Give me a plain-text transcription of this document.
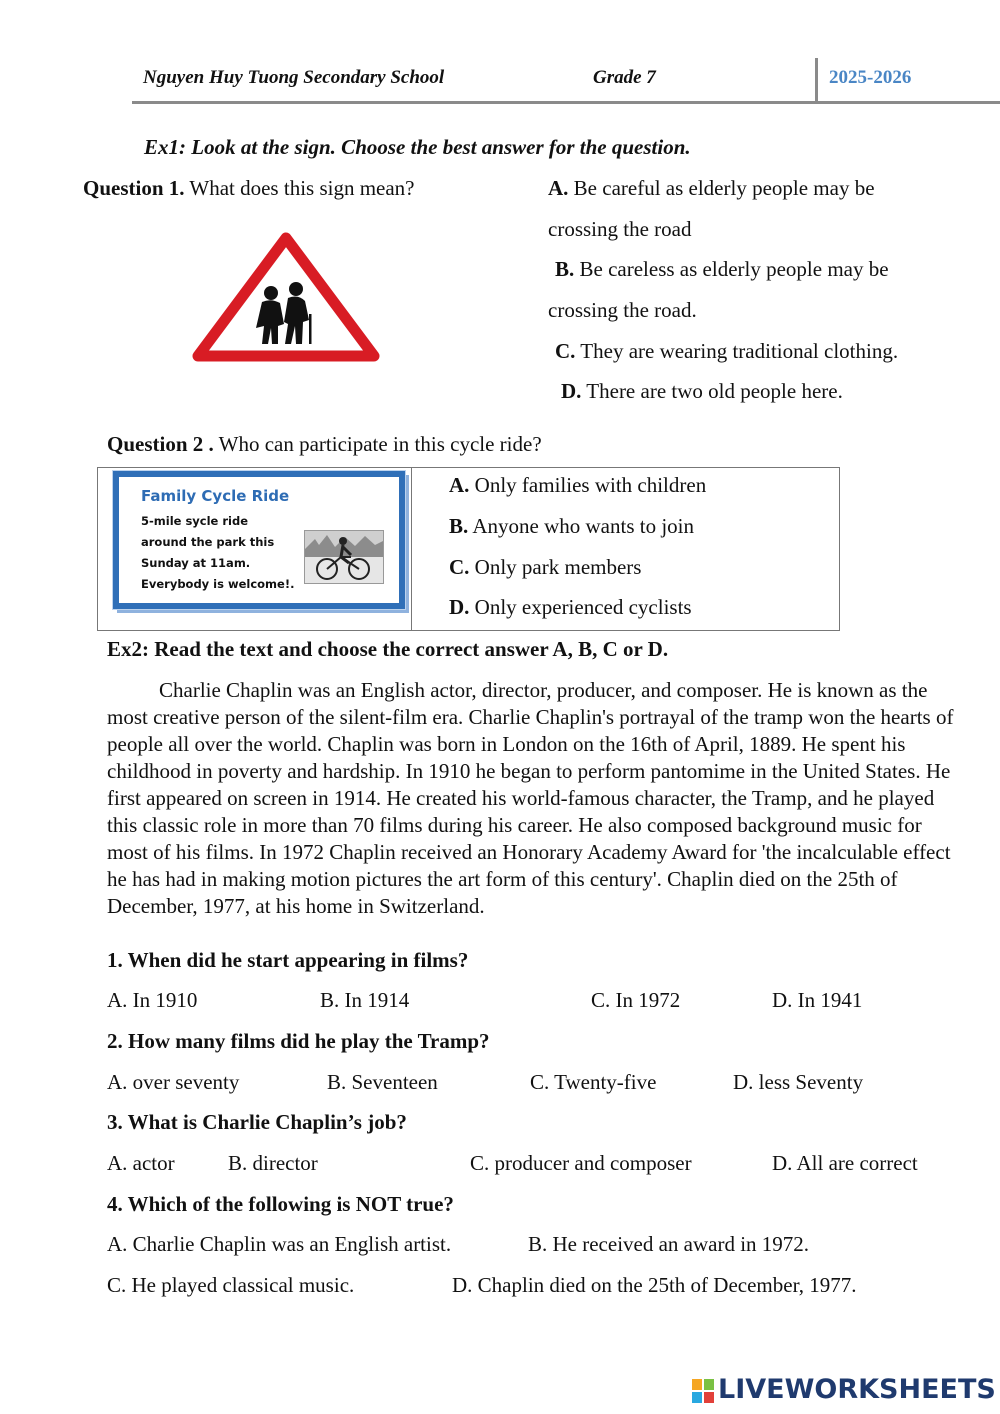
Nguyen Huy Tuong Secondary School	Grade 7	2025-2026
Ex1: Look at the sign. Choose the best answer for the question.
Question 1. What does this sign mean?	A. Be careful as elderly people may be
crossing the road
B. Be careless as elderly people may be
crossing the road.
C. They are wearing traditional clothing.
D. There are two old people here.
Question 2 . Who can participate in this cycle ride?
Family Cycle Ride
5-mile sycle ride
around the park this
Sunday at 11am.
Everybody is welcome!.
A. Only families with children
B. Anyone who wants to join
C. Only park members
D. Only experienced cyclists
Ex2: Read the text and choose the correct answer A, B, C or D.
Charlie Chaplin was an English actor, director, producer, and composer. He is known as the most creative person of the silent-film era. Charlie Chaplin's portrayal of the tramp won the hearts of people all over the world. Chaplin was born in London on the 16th of April, 1889. He spent his childhood in poverty and hardship. In 1910 he began to perform pantomime in the United States. He first appeared on screen in 1914. He created his world-famous character, the Tramp, and he played this classic role in more than 70 films during his career. He also composed background music for most of his films. In 1972 Chaplin received an Honorary Academy Award for 'the incalculable effect he has had in making motion pictures the art form of this century'. Chaplin died on the 25th of December, 1977, at his home in Switzerland.
1. When did he start appearing in films?
A. In 1910	B. In 1914	C. In 1972	D. In 1941
2. How many films did he play the Tramp?
A. over seventy	B. Seventeen	C. Twenty-five	D. less Seventy
3. What is Charlie Chaplin’s job?
A. actor	B. director	C. producer and composer	D. All are correct
4. Which of the following is NOT true?
A. Charlie Chaplin was an English artist.	B. He received an award in 1972.
C. He played classical music.	D. Chaplin died on the 25th of December, 1977.
LIVEWORKSHEETS
